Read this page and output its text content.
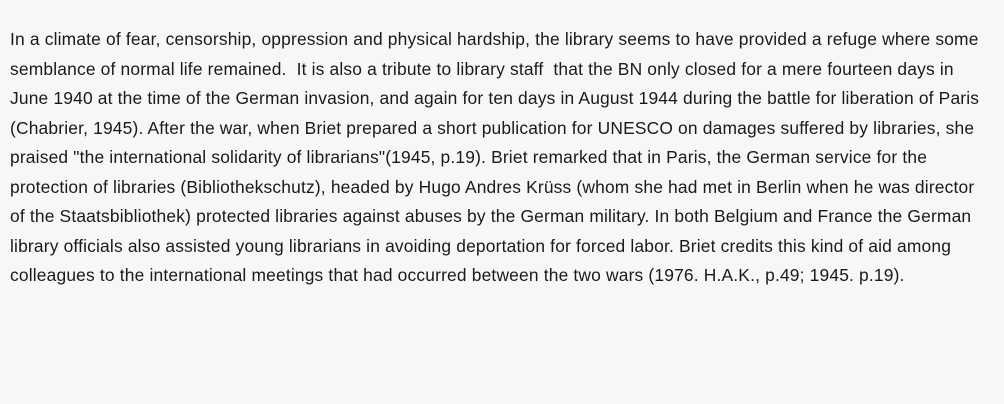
In a climate of fear, censorship, oppression and physical hardship, the library seems to have provided a refuge where some semblance of normal life remained.  It is also a tribute to library staff  that the BN only closed for a mere fourteen days in June 1940 at the time of the German invasion, and again for ten days in August 1944 during the battle for liberation of Paris (Chabrier, 1945). After the war, when Briet prepared a short publication for UNESCO on damages suffered by libraries, she praised "the international solidarity of librarians"(1945, p.19). Briet remarked that in Paris, the German service for the protection of libraries (Bibliothekschutz), headed by Hugo Andres Krüss (whom she had met in Berlin when he was director of the Staatsbibliothek) protected libraries against abuses by the German military. In both Belgium and France the German library officials also assisted young librarians in avoiding deportation for forced labor. Briet credits this kind of aid among colleagues to the international meetings that had occurred between the two wars (1976. H.A.K., p.49; 1945. p.19).
